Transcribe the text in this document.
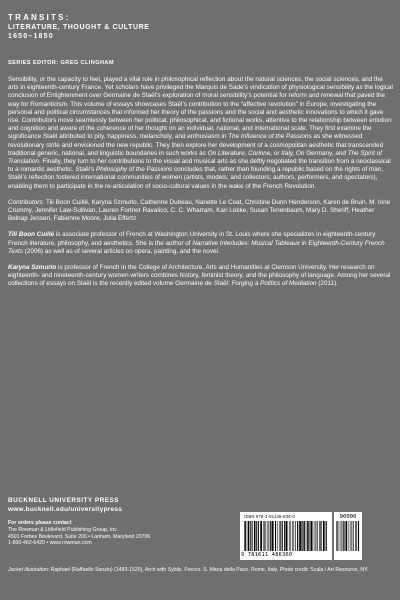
TRANSITS:

LITERATURE, THOUGHT & CULTURE

1650–1850

SERIES EDITOR: GREG CLINGHAM

Sensibility, or the capacity to feel, played a vital role in philosophical reflection about the natural sciences, the social sciences, and the arts in eighteenth-century France. Yet scholars have privileged the Marquis de Sade’s vindication of physiological sensibility as the logical conclusion of Enlightenment over Germaine de Staël’s exploration of moral sensibility’s potential for reform and renewal that paved the way for Romanticism. This volume of essays showcases Staël’s contribution to the “affective revolution” in Europe, investigating the personal and political circumstances that informed her theory of the passions and the social and aesthetic innovations to which it gave rise. Contributors move seamlessly between her political, philosophical, and fictional works, attentive to the relationship between emotion and cognition and aware of the coherence of her thought on an individual, national, and international scale. They first examine the significance Staël attributed to pity, happiness, melancholy, and enthusiasm in The Influence of the Passions as she witnessed revolutionary strife and envisioned the new republic. They then explore her development of a cosmopolitan aesthetic that transcended traditional generic, national, and linguistic boundaries in such works as On Literature, Corinne, or Italy, On Germany, and The Spirit of Translation. Finally, they turn to her contributions to the visual and musical arts as she deftly negotiated the transition from a neoclassical to a romantic aesthetic. Staël’s Philosophy of the Passions concludes that, rather than founding a republic based on the rights of man, Staël’s reflection fostered international communities of women (artists, models, and collectors; authors, performers, and spectators), enabling them to participate in the re-articulation of socio-cultural values in the wake of the French Revolution.

Contributors: Tili Boon Cuillé, Karyna Szmurlo, Catherine Dubeau, Nanette Le Coat, Christine Dunn Henderson, Karen de Bruin, M. Ione Crummy, Jennifer Law-Sullivan, Lauren Fortner Ravalico, C. C. Wharram, Kari Lokke, Susan Tenenbaum, Mary D. Sheriff, Heather Belnap Jensen, Fabienne Moore, Julia Effertz

Tili Boon Cuillé is associate professor of French at Washington University in St. Louis where she specializes in eighteenth-century French literature, philosophy, and aesthetics. She is the author of Narrative Interludes: Musical Tableaux in Eighteenth-Century French Texts (2006) as well as of several articles on opera, painting, and the novel.

Karyna Szmurlo is professor of French in the College of Architecture, Arts and Humanities at Clemson University. Her research on eighteenth- and nineteenth-century women writers combines history, feminist theory, and the philosophy of language. Among her several collections of essays on Staël is the recently edited volume Germaine de Staël: Forging a Politics of Mediation (2011).

BUCKNELL UNIVERSITY PRESS
www.bucknell.edu/universitypress
For orders please contact
The Rowman & Littlefield Publishing Group, Inc.
4501 Forbes Boulevard, Suite 200 • Lanham, Maryland 20706
1-800-462-6420 • www.rowman.com
ISBN 978-1-61148-636-0
9 781611 486360
90000
Jacket illustration: Raphael (Raffaello Sanzio) (1483-1520), Arch with Sybils. Fresco. S. Maria della Pace. Rome, Italy. Photo credit: Scala / Art Resource, NY.
